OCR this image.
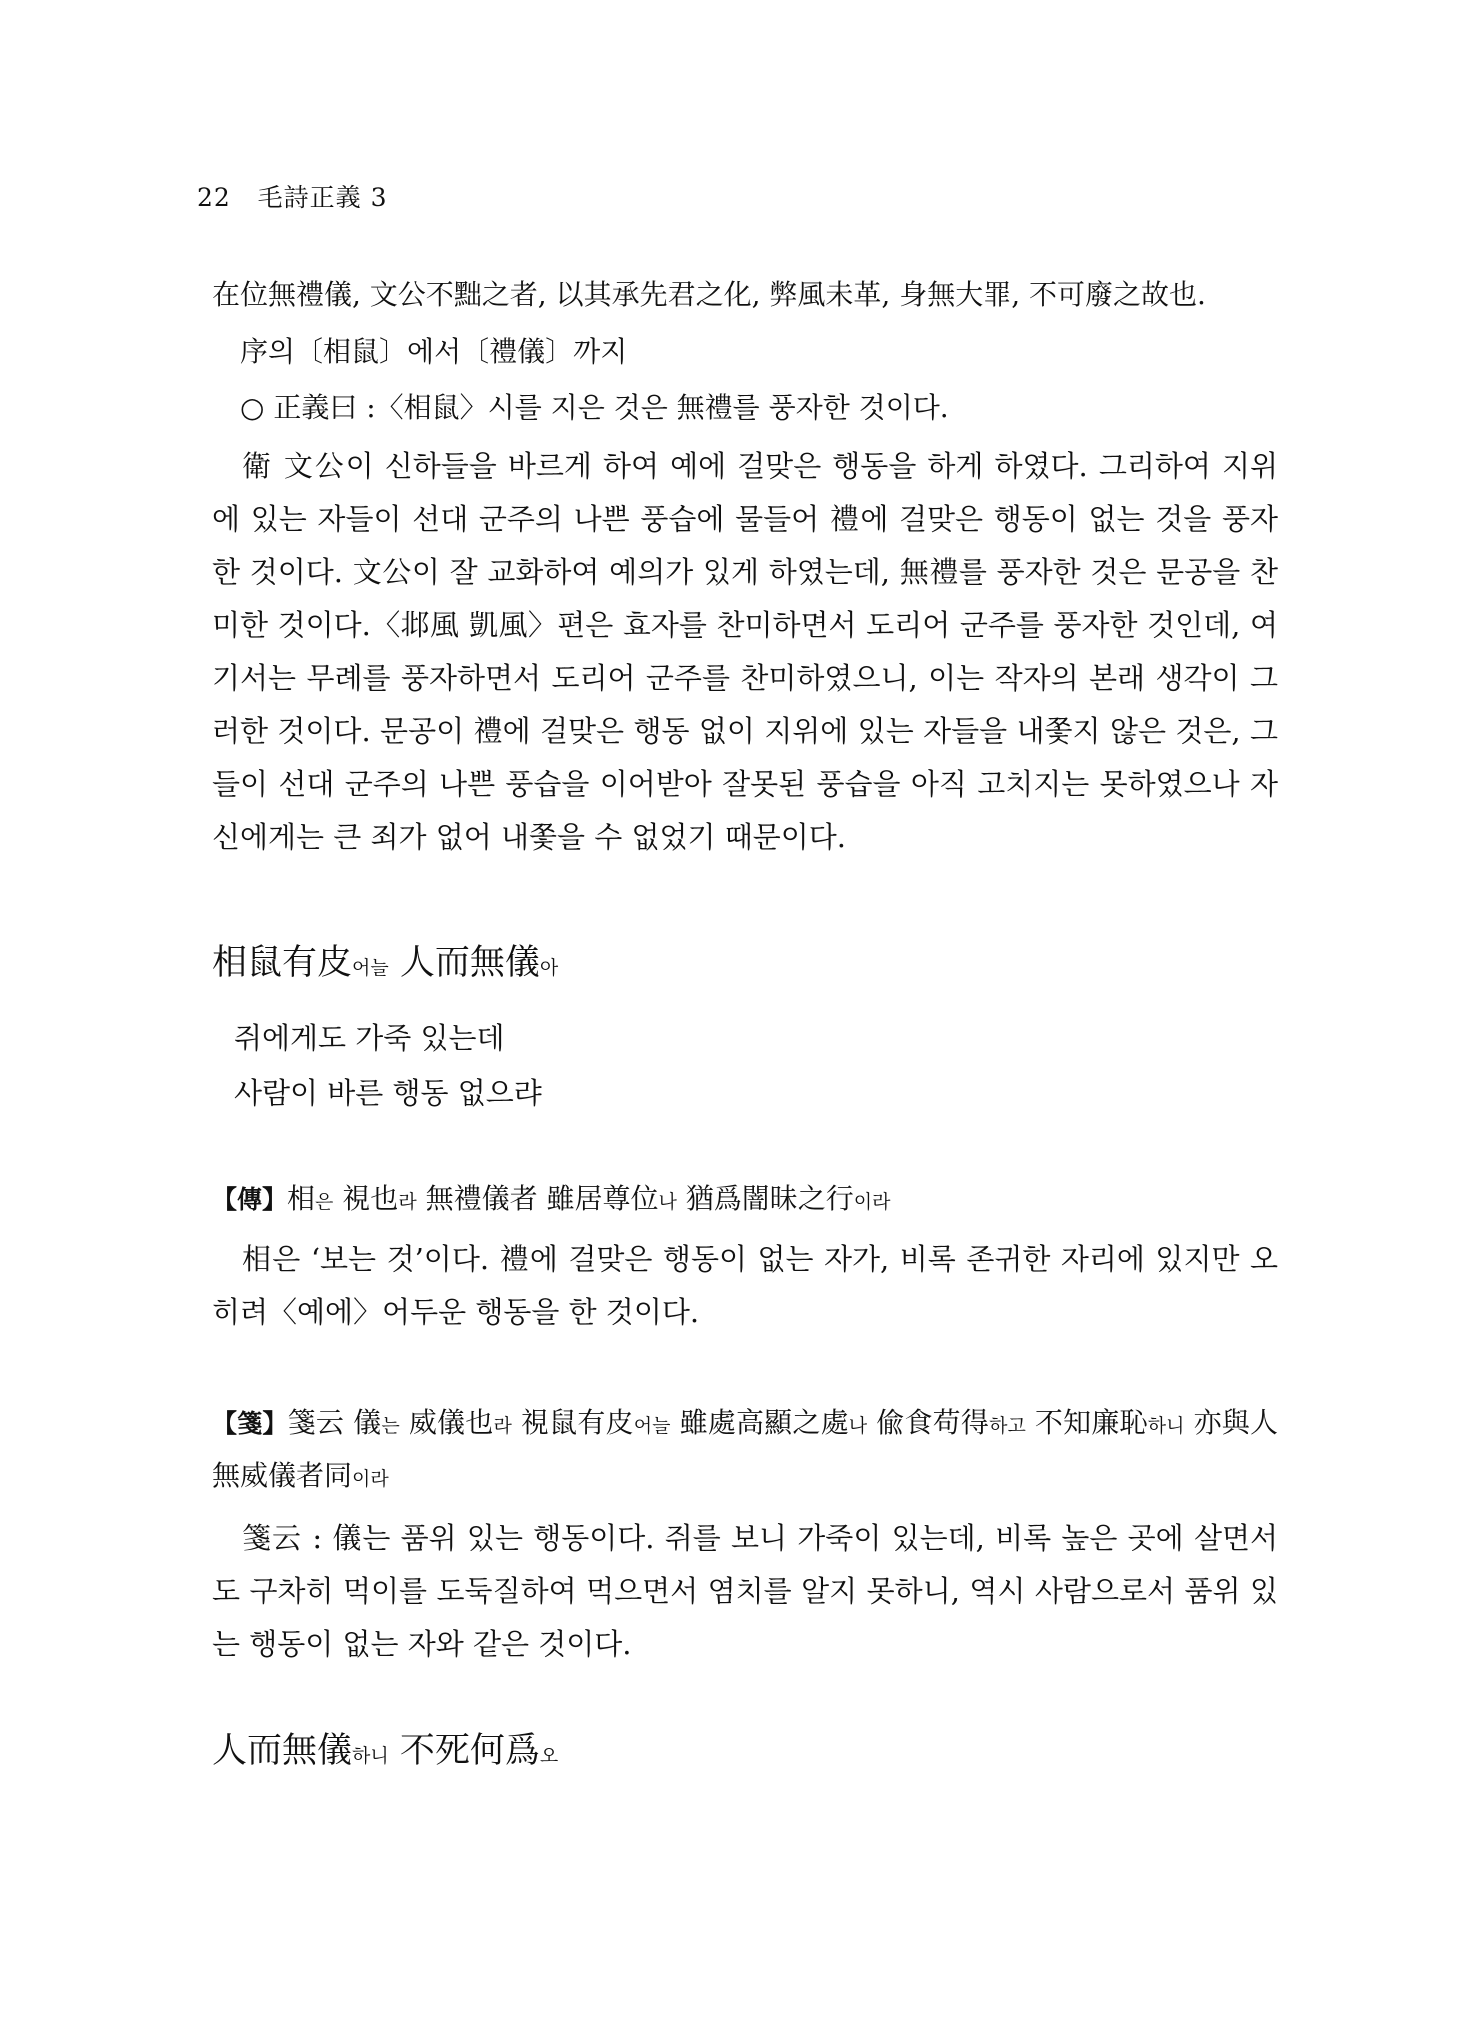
22 毛詩正義 3

在位無禮儀, 文公不黜之者, 以其承先君之化, 弊風未革, 身無大罪, 不可廢之故也.

序의〔相鼠〕에서〔禮儀〕까지

○ 正義曰 :〈相鼠〉시를 지은 것은 無禮를 풍자한 것이다.

衛 文公이 신하들을 바르게 하여 예에 걸맞은 행동을 하게 하였다. 그리하여 지위에 있는 자들이 선대 군주의 나쁜 풍습에 물들어 禮에 걸맞은 행동이 없는 것을 풍자한 것이다. 文公이 잘 교화하여 예의가 있게 하였는데, 無禮를 풍자한 것은 문공을 찬미한 것이다.〈邶風 凱風〉편은 효자를 찬미하면서 도리어 군주를 풍자한 것인데, 여기서는 무례를 풍자하면서 도리어 군주를 찬미하였으니, 이는 작자의 본래 생각이 그러한 것이다. 문공이 禮에 걸맞은 행동 없이 지위에 있는 자들을 내쫓지 않은 것은, 그들이 선대 군주의 나쁜 풍습을 이어받아 잘못된 풍습을 아직 고치지는 못하였으나 자신에게는 큰 죄가 없어 내쫓을 수 없었기 때문이다.

相鼠有皮어늘 人而無儀아

쥐에게도 가죽 있는데

사람이 바른 행동 없으랴

【傳】相은 視也라 無禮儀者 雖居尊位나 猶爲闇昧之行이라

相은 ‘보는 것’이다. 禮에 걸맞은 행동이 없는 자가, 비록 존귀한 자리에 있지만 오히려〈예에〉어두운 행동을 한 것이다.

【箋】箋云 儀는 威儀也라 視鼠有皮어늘 雖處高顯之處나 偸食苟得하고 不知廉恥하니 亦與人無威儀者同이라

箋云 : 儀는 품위 있는 행동이다. 쥐를 보니 가죽이 있는데, 비록 높은 곳에 살면서도 구차히 먹이를 도둑질하여 먹으면서 염치를 알지 못하니, 역시 사람으로서 품위 있는 행동이 없는 자와 같은 것이다.

人而無儀하니 不死何爲오
